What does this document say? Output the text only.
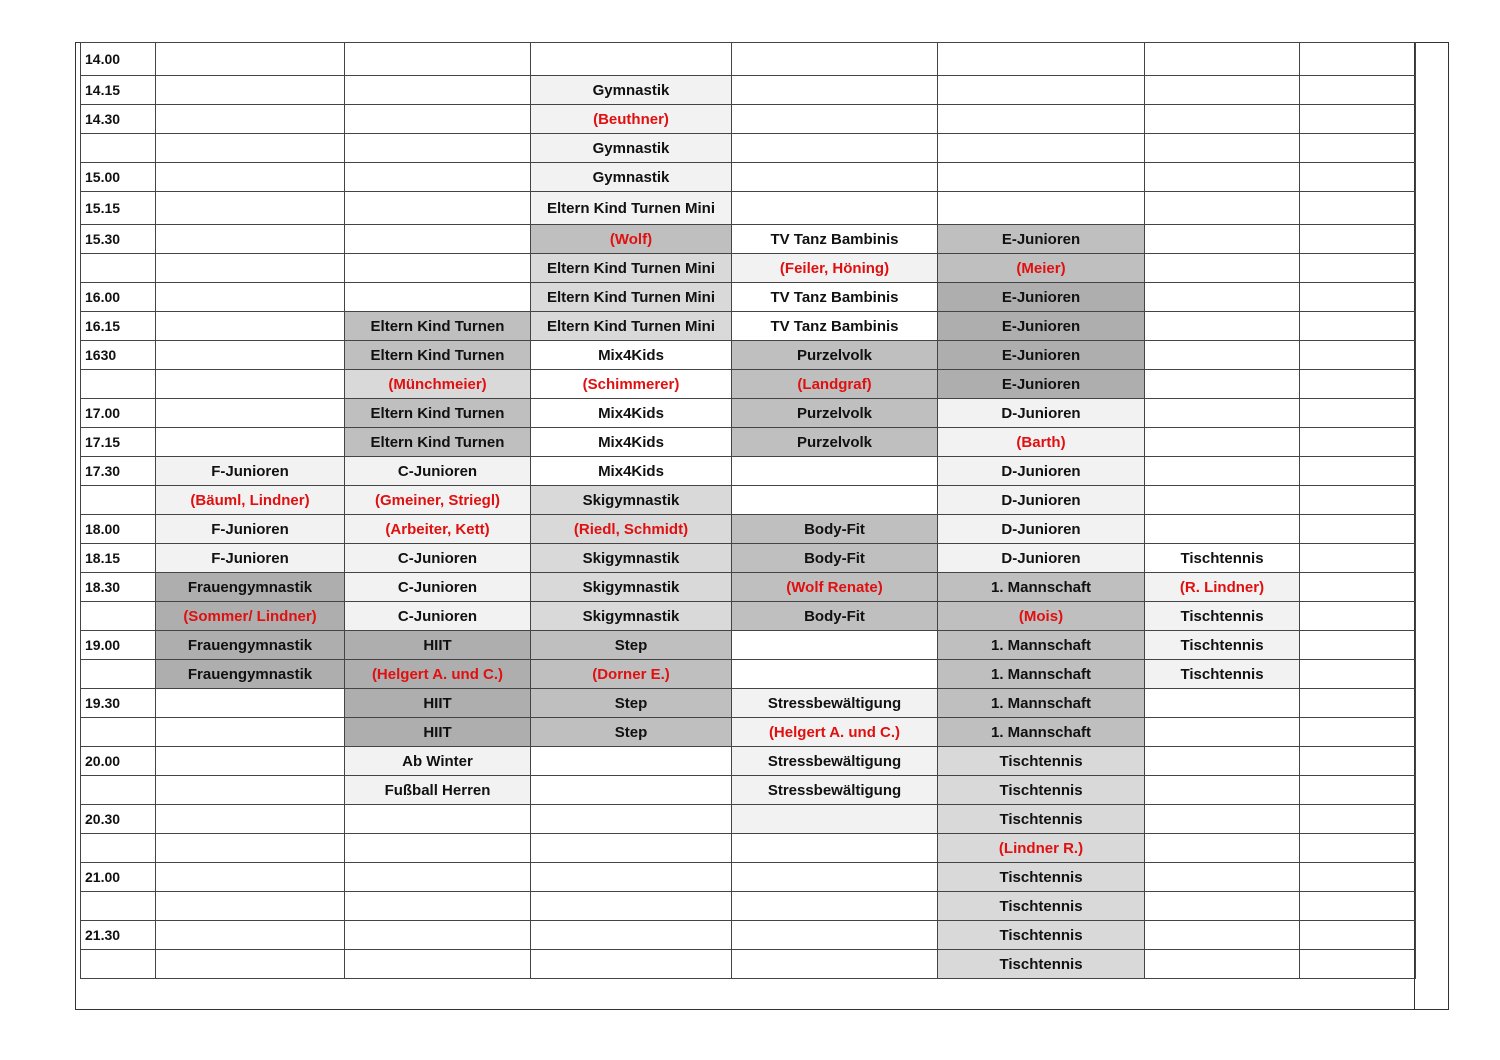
14.00							
14.15			Gymnastik				
14.30			(Beuthner)				
			Gymnastik				
15.00			Gymnastik				
15.15			Eltern Kind Turnen Mini				
15.30			(Wolf)	TV Tanz Bambinis	E-Junioren		
			Eltern Kind Turnen Mini	(Feiler, Höning)	(Meier)		
16.00			Eltern Kind Turnen Mini	TV Tanz Bambinis	E-Junioren		
16.15		Eltern Kind Turnen	Eltern Kind Turnen Mini	TV Tanz Bambinis	E-Junioren		
1630		Eltern Kind Turnen	Mix4Kids	Purzelvolk	E-Junioren		
		(Münchmeier)	(Schimmerer)	(Landgraf)	E-Junioren		
17.00		Eltern Kind Turnen	Mix4Kids	Purzelvolk	D-Junioren		
17.15		Eltern Kind Turnen	Mix4Kids	Purzelvolk	(Barth)		
17.30	F-Junioren	C-Junioren	Mix4Kids		D-Junioren		
	(Bäuml, Lindner)	(Gmeiner, Striegl)	Skigymnastik		D-Junioren		
18.00	F-Junioren	(Arbeiter, Kett)	(Riedl, Schmidt)	Body-Fit	D-Junioren		
18.15	F-Junioren	C-Junioren	Skigymnastik	Body-Fit	D-Junioren	Tischtennis	
18.30	Frauengymnastik	C-Junioren	Skigymnastik	(Wolf Renate)	1. Mannschaft	(R. Lindner)	
	(Sommer/ Lindner)	C-Junioren	Skigymnastik	Body-Fit	(Mois)	Tischtennis	
19.00	Frauengymnastik	HIIT	Step		1. Mannschaft	Tischtennis	
	Frauengymnastik	(Helgert A. und C.)	(Dorner E.)		1. Mannschaft	Tischtennis	
19.30		HIIT	Step	Stressbewältigung	1. Mannschaft		
		HIIT	Step	(Helgert A. und C.)	1. Mannschaft		
20.00		Ab Winter		Stressbewältigung	Tischtennis		
		Fußball Herren		Stressbewältigung	Tischtennis		
20.30					Tischtennis		
					(Lindner R.)		
21.00					Tischtennis		
					Tischtennis		
21.30					Tischtennis		
					Tischtennis		
